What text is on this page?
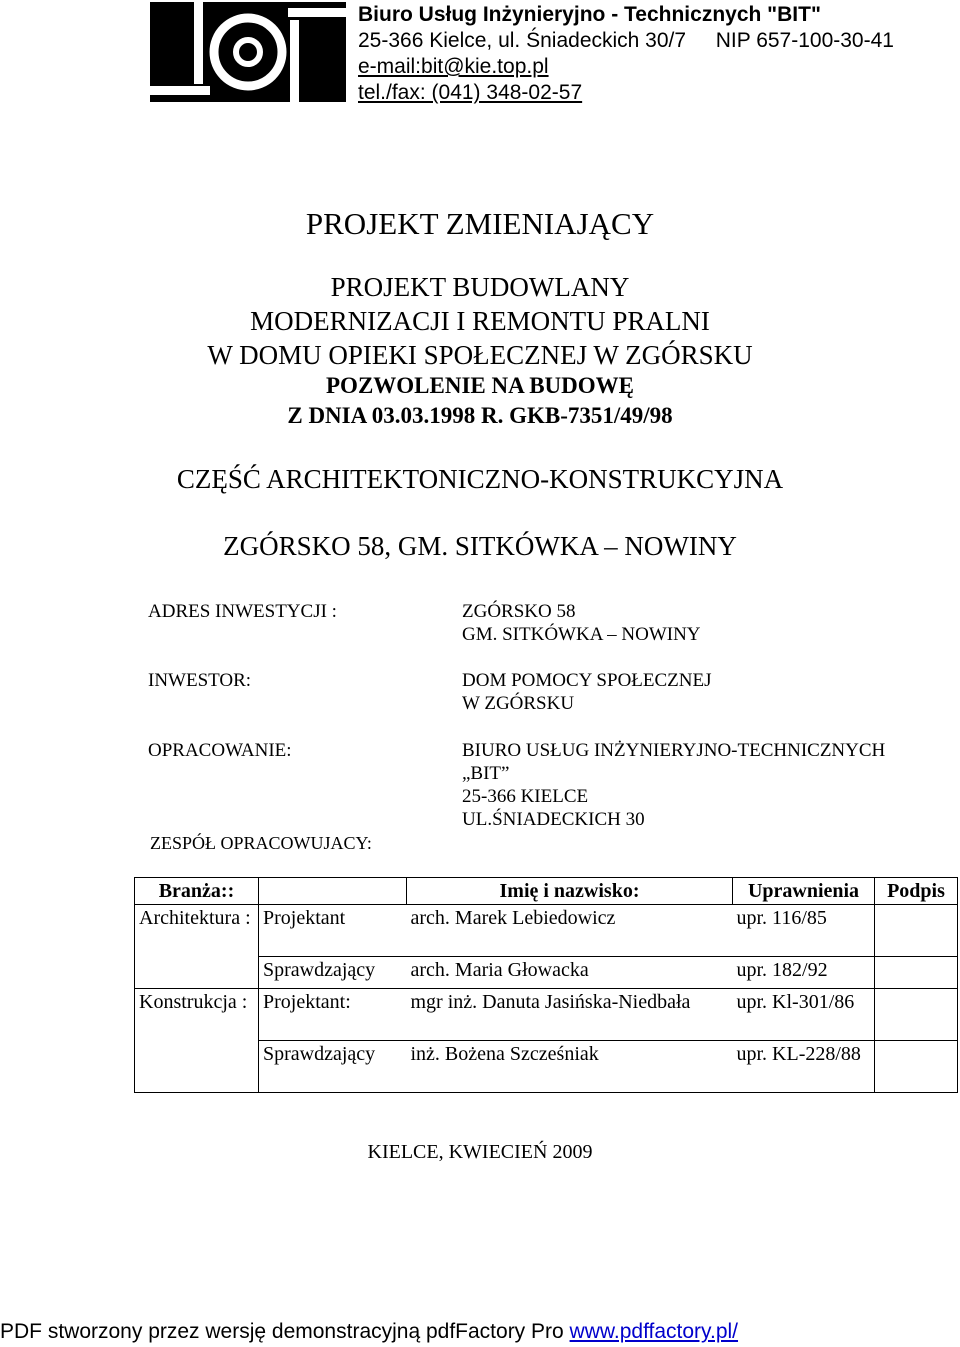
Biuro Usług Inżynieryjno - Technicznych "BIT"
25-366 Kielce, ul. Śniadeckich 30/7 NIP 657-100-30-41
e-mail:bit@kie.top.pl
tel./fax: (041) 348-02-57
PROJEKT ZMIENIAJĄCY
PROJEKT BUDOWLANY
MODERNIZACJI I REMONTU PRALNI
W DOMU OPIEKI SPOŁECZNEJ W ZGÓRSKU
POZWOLENIE NA BUDOWĘ
Z DNIA 03.03.1998 R. GKB-7351/49/98
CZĘŚĆ ARCHITEKTONICZNO-KONSTRUKCYJNA
ZGÓRSKO 58, GM. SITKÓWKA – NOWINY
ADRES INWESTYCJI :	ZGÓRSKO 58
GM. SITKÓWKA – NOWINY
INWESTOR:	DOM POMOCY SPOŁECZNEJ
W ZGÓRSKU
OPRACOWANIE:	BIURO USŁUG INŻYNIERYJNO-TECHNICZNYCH
„BIT”
25-366 KIELCE
UL.ŚNIADECKICH 30
ZESPÓŁ OPRACOWUJACY:
Branża::		Imię i nazwisko:	Uprawnienia	Podpis
Architektura :	Projektant	arch. Marek Lebiedowicz	upr. 116/85	
	Sprawdzający	arch. Maria Głowacka	upr. 182/92	
Konstrukcja :	Projektant:	mgr inż. Danuta Jasińska-Niedbała	upr. Kl-301/86	
	Sprawdzający	inż. Bożena Szcześniak	upr. KL-228/88	
KIELCE, KWIECIEŃ 2009
PDF stworzony przez wersję demonstracyjną pdfFactory Pro www.pdffactory.pl/
